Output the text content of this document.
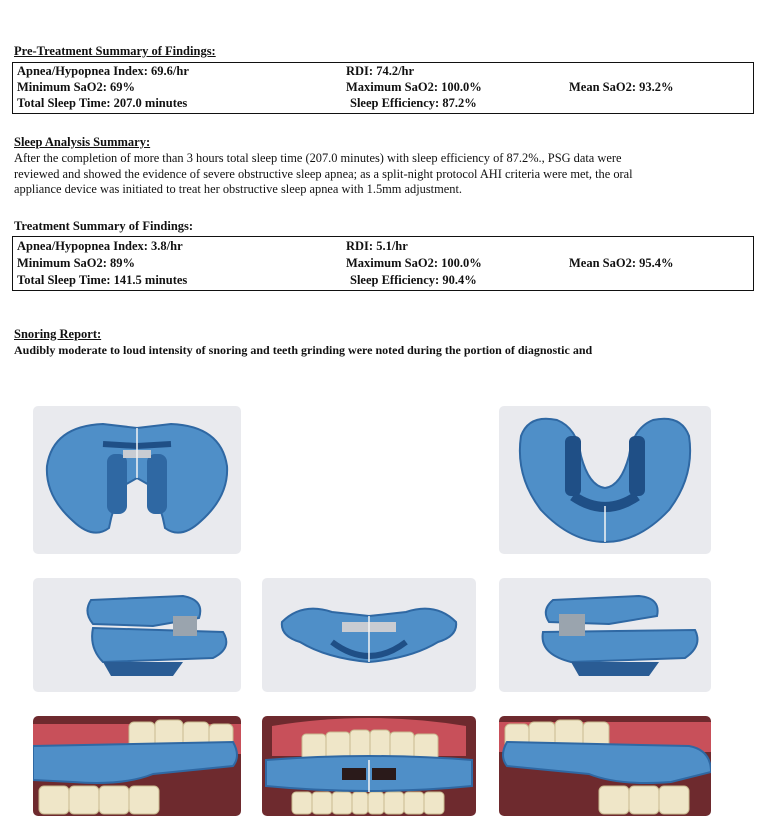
Pre-Treatment Summary of Findings:
Apnea/Hypopnea Index: 69.6/hr	RDI: 74.2/hr
Minimum SaO2: 69%	Maximum SaO2: 100.0%	Mean SaO2: 93.2%
Total Sleep Time: 207.0 minutes	Sleep Efficiency: 87.2%
Sleep Analysis Summary:
After the completion of more than 3 hours total sleep time (207.0 minutes) with sleep efficiency of 87.2%., PSG data were
reviewed and showed the evidence of severe obstructive sleep apnea; as a split-night protocol AHI criteria were met, the oral
appliance device was initiated to treat her obstructive sleep apnea with 1.5mm adjustment.
Treatment Summary of Findings:
Apnea/Hypopnea Index: 3.8/hr	RDI: 5.1/hr
Minimum SaO2: 89%	Maximum SaO2: 100.0%	Mean SaO2: 95.4%
Total Sleep Time: 141.5 minutes	Sleep Efficiency: 90.4%
Snoring Report:
Audibly moderate to loud intensity of snoring and teeth grinding were noted during the portion of diagnostic and
